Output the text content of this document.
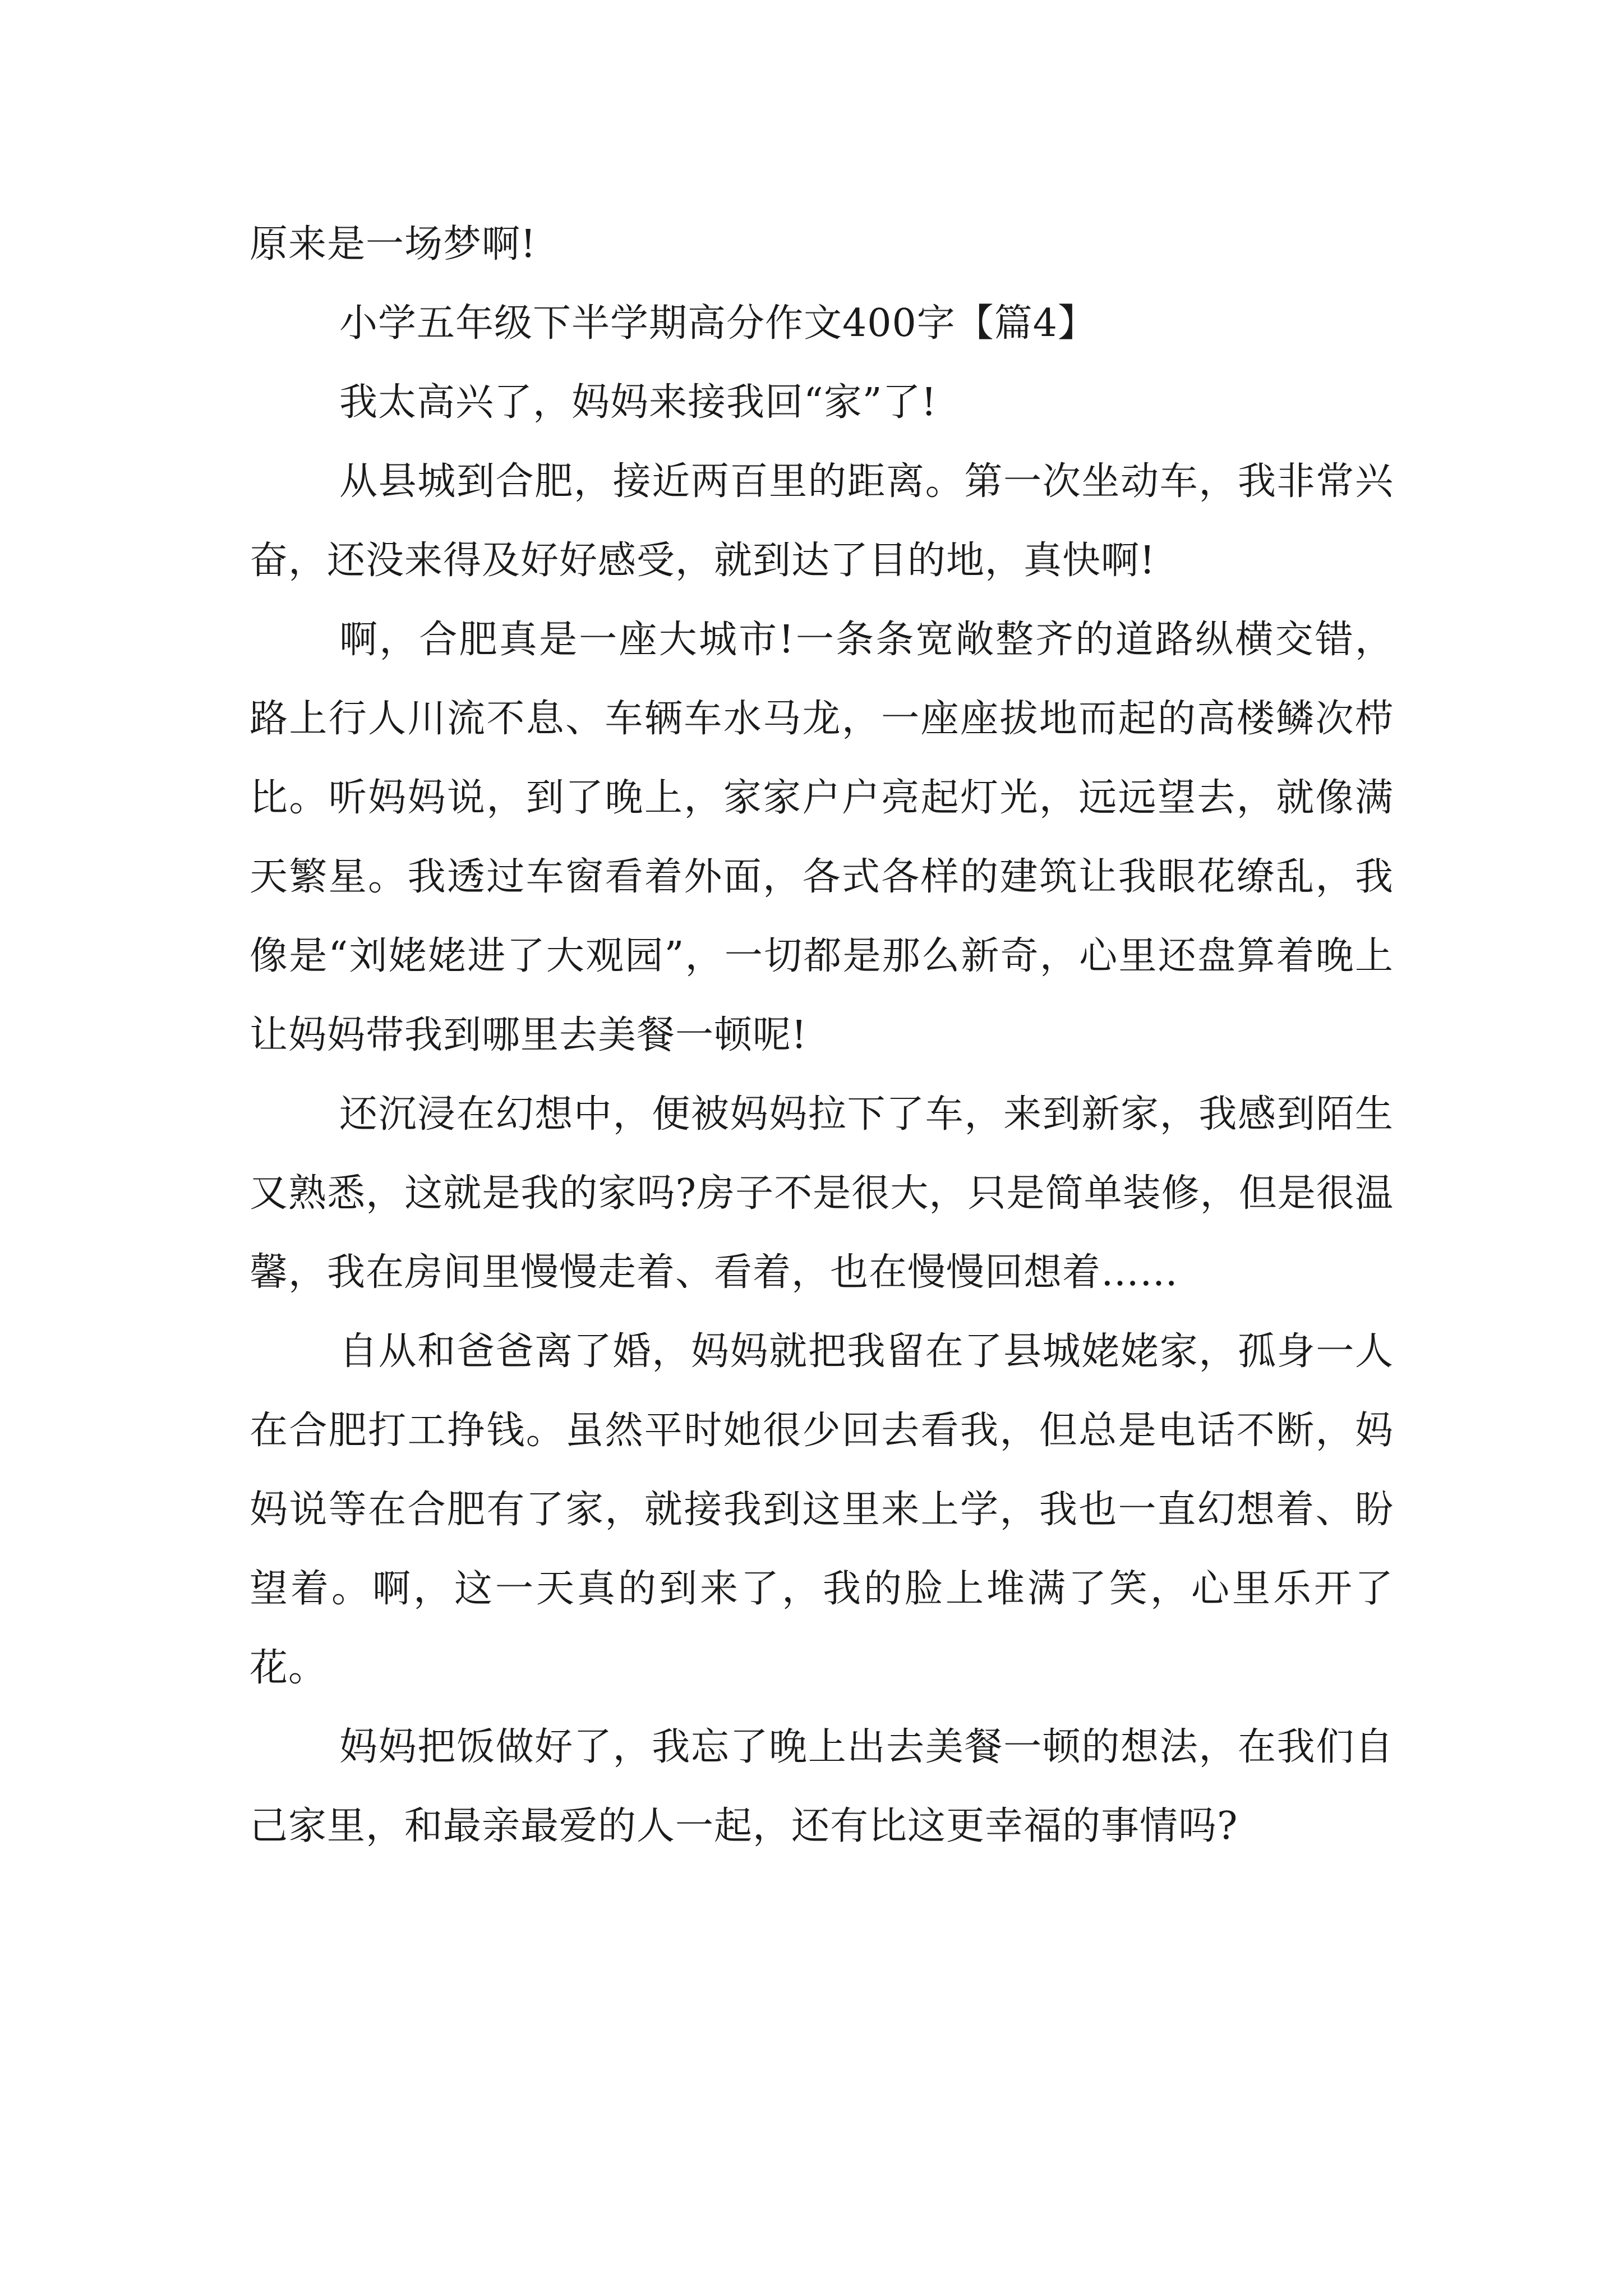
原来是一场梦啊!

小学五年级下半学期高分作文400字【篇4】

我太高兴了，妈妈来接我回“家”了!

从县城到合肥，接近两百里的距离。第一次坐动车，我非常兴奋，还没来得及好好感受，就到达了目的地，真快啊!

啊，合肥真是一座大城市!一条条宽敞整齐的道路纵横交错，路上行人川流不息、车辆车水马龙，一座座拔地而起的高楼鳞次栉比。听妈妈说，到了晚上，家家户户亮起灯光，远远望去，就像满天繁星。我透过车窗看着外面，各式各样的建筑让我眼花缭乱，我像是“刘姥姥进了大观园”，一切都是那么新奇，心里还盘算着晚上让妈妈带我到哪里去美餐一顿呢!

还沉浸在幻想中，便被妈妈拉下了车，来到新家，我感到陌生又熟悉，这就是我的家吗?房子不是很大，只是简单装修，但是很温馨，我在房间里慢慢走着、看着，也在慢慢回想着……

自从和爸爸离了婚，妈妈就把我留在了县城姥姥家，孤身一人在合肥打工挣钱。虽然平时她很少回去看我，但总是电话不断，妈妈说等在合肥有了家，就接我到这里来上学，我也一直幻想着、盼望着。啊，这一天真的到来了，我的脸上堆满了笑，心里乐开了花。

妈妈把饭做好了，我忘了晚上出去美餐一顿的想法，在我们自己家里，和最亲最爱的人一起，还有比这更幸福的事情吗?
